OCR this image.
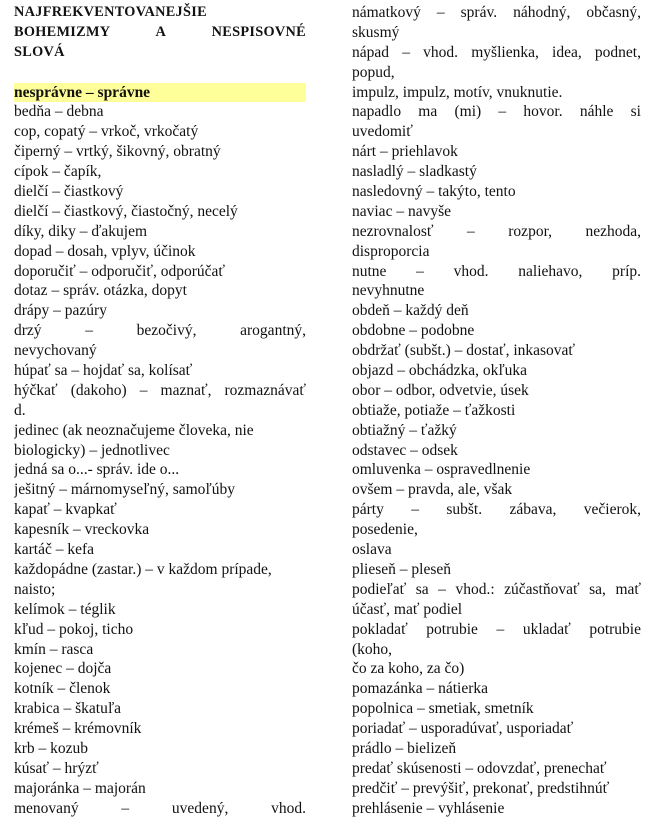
NAJFREKVENTOVANEJŠIE
BOHEMIZMY A NESPISOVNÉ
SLOVÁ
nesprávne – správne
bedňa – debna
cop, copatý – vrkoč, vrkočatý
čiperný – vrtký, šikovný, obratný
cípok – čapík,
dielčí – čiastkový
dielčí – čiastkový, čiastočný, necelý
díky, diky – ďakujem
dopad – dosah, vplyv, účinok
doporučiť – odporučiť, odporúčať
dotaz – správ. otázka, dopyt
drápy – pazúry
drzý – bezočivý, arogantný,
nevychovaný
húpať sa – hojdať sa, kolísať
hýčkať (dakoho) – maznať, rozmaznávať
d.
jedinec (ak neoznačujeme človeka, nie
biologicky) – jednotlivec
jedná sa o...- správ. ide o...
ješitný – márnomyseľný, samoľúby
kapať – kvapkať
kapesník – vreckovka
kartáč – kefa
každopádne (zastar.) – v každom prípade,
naisto;
kelímok – téglik
kľud – pokoj, ticho
kmín – rasca
kojenec – dojča
kotník – členok
krabica – škatuľa
krémeš – krémovník
krb – kozub
kúsať – hrýzť
majoránka – majorán
menovaný – uvedený, vhod.
námatkový – správ. náhodný, občasný,
skusmý
nápad – vhod. myšlienka, idea, podnet,
popud,
impulz, impulz, motív, vnuknutie.
napadlo ma (mi) – hovor. náhle si
uvedomiť
nárt – priehlavok
nasladlý – sladkastý
nasledovný – takýto, tento
naviac – navyše
nezrovnalosť – rozpor, nezhoda,
disproporcia
nutne – vhod. naliehavo, príp.
nevyhnutne
obdeň – každý deň
obdobne – podobne
obdržať (subšt.) – dostať, inkasovať
objazd – obchádzka, okľuka
obor – odbor, odvetvie, úsek
obtiaže, potiaže – ťažkosti
obtiažný – ťažký
odstavec – odsek
omluvenka – ospravedlnenie
ovšem – pravda, ale, však
párty – subšt. zábava, večierok,
posedenie,
oslava
plieseň – pleseň
podieľať sa – vhod.: zúčastňovať sa, mať
účasť, mať podiel
pokladať potrubie – ukladať potrubie
(koho,
čo za koho, za čo)
pomazánka – nátierka
popolnica – smetiak, smetník
poriadať – usporadúvať, usporiadať
prádlo – bielizeň
predať skúsenosti – odovzdať, prenechať
predčiť – prevýšiť, prekonať, predstihnúť
prehlásenie – vyhlásenie
